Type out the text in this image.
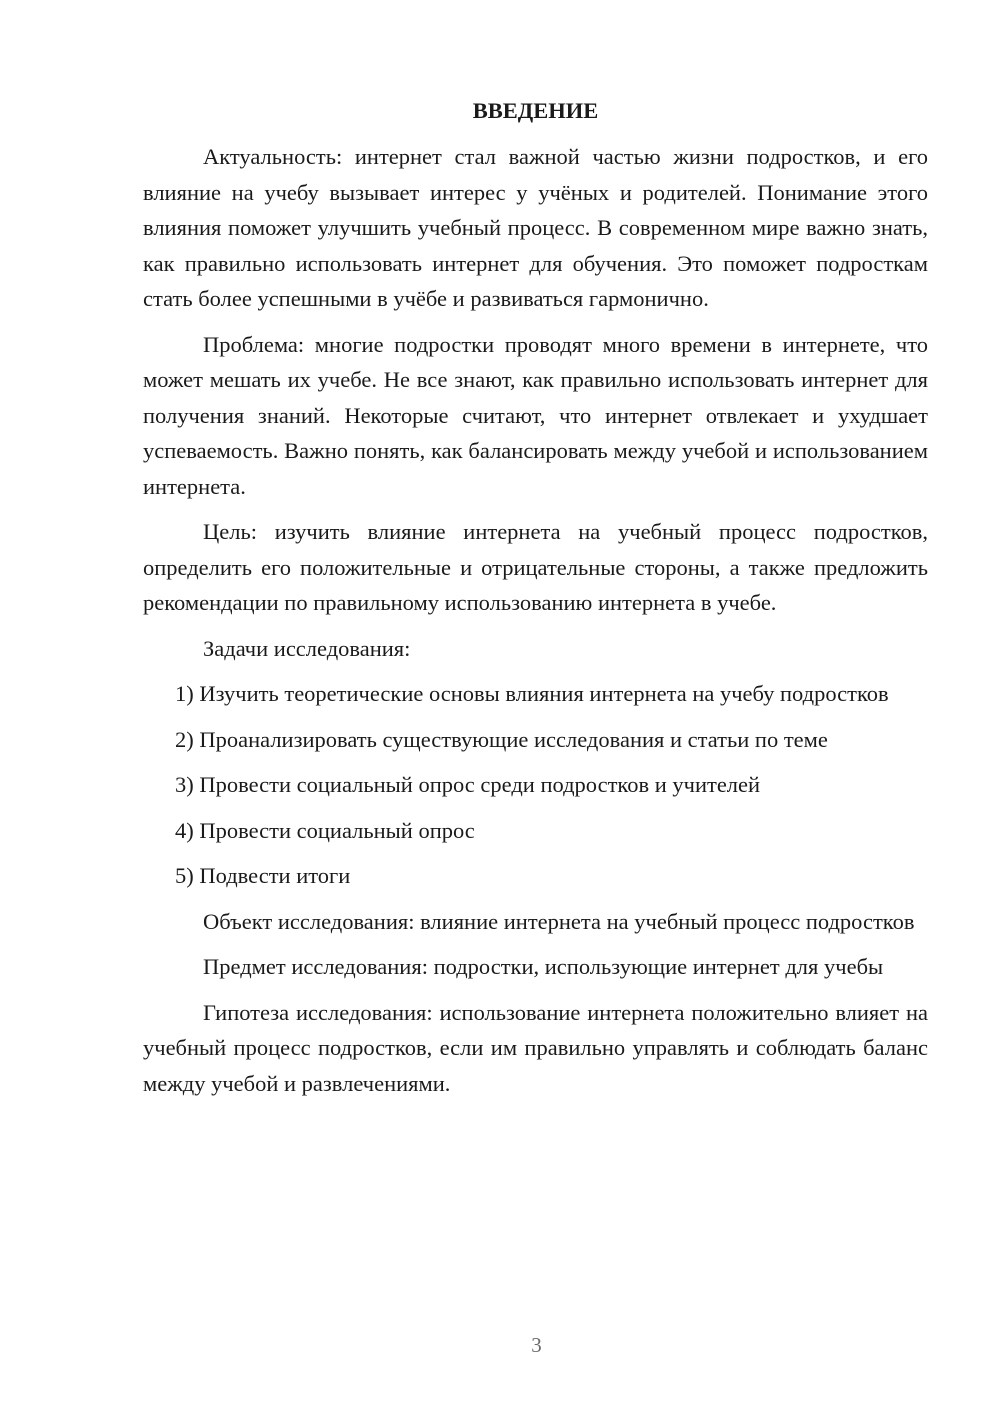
ВВЕДЕНИЕ

Актуальность: интернет стал важной частью жизни подростков, и его влияние на учебу вызывает интерес у учёных и родителей. Понимание этого влияния поможет улучшить учебный процесс. В современном мире важно знать, как правильно использовать интернет для обучения. Это поможет подросткам стать более успешными в учёбе и развиваться гармонично.

Проблема: многие подростки проводят много времени в интернете, что может мешать их учебе. Не все знают, как правильно использовать интернет для получения знаний. Некоторые считают, что интернет отвлекает и ухудшает успеваемость. Важно понять, как балансировать между учебой и использованием интернета.

Цель: изучить влияние интернета на учебный процесс подростков, определить его положительные и отрицательные стороны, а также предложить рекомендации по правильному использованию интернета в учебе.

Задачи исследования:

1) Изучить теоретические основы влияния интернета на учебу подростков

2) Проанализировать существующие исследования и статьи по теме

3) Провести социальный опрос среди подростков и учителей

4) Провести социальный опрос

5) Подвести итоги

Объект исследования: влияние интернета на учебный процесс подростков

Предмет исследования: подростки, использующие интернет для учебы

Гипотеза исследования: использование интернета положительно влияет на учебный процесс подростков, если им правильно управлять и соблюдать баланс между учебой и развлечениями.

3
